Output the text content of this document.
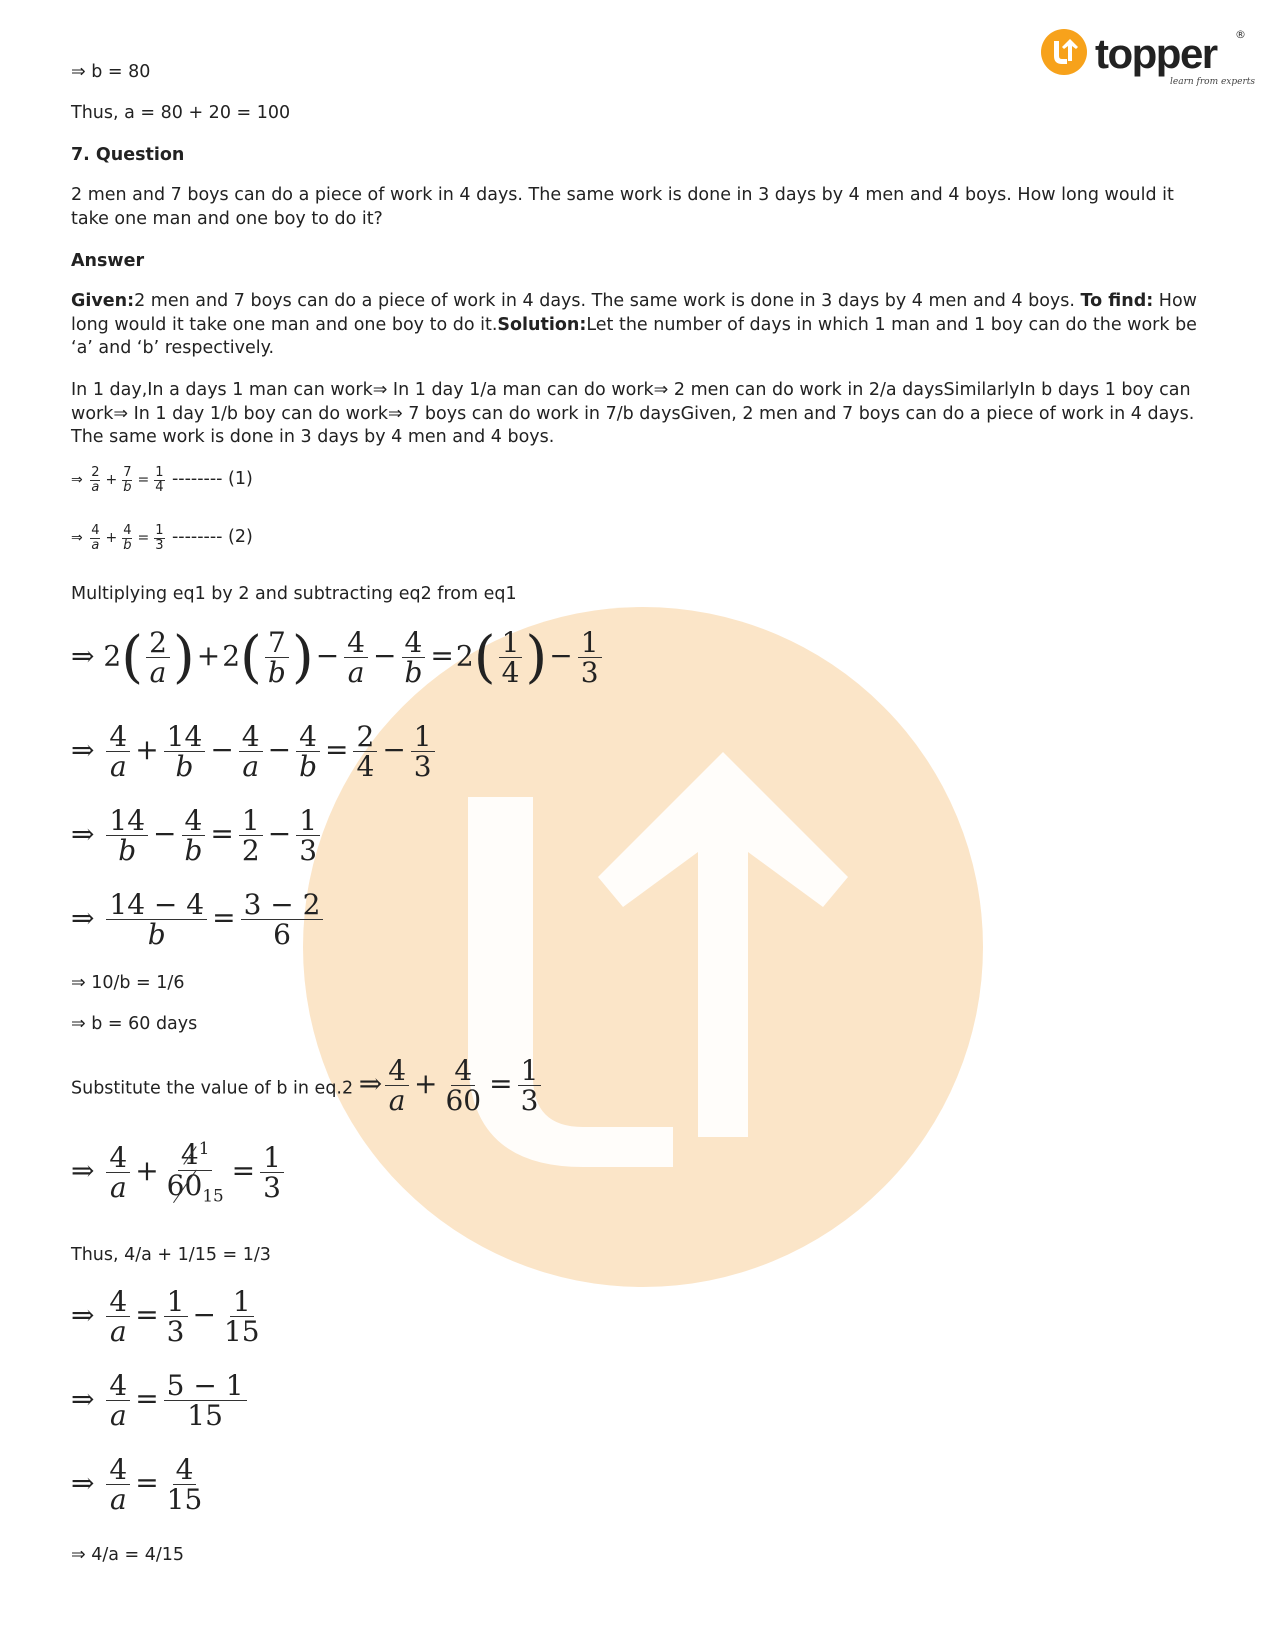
topper
learn from experts
®
⇒ b = 80
Thus, a = 80 + 20 = 100
7. Question
2 men and 7 boys can do a piece of work in 4 days. The same work is done in 3 days by 4 men and 4 boys. How long would it take one man and one boy to do it?
Answer
Given:2 men and 7 boys can do a piece of work in 4 days. The same work is done in 3 days by 4 men and 4 boys. To find: How long would it take one man and one boy to do it.Solution:Let the number of days in which 1 man and 1 boy can do the work be ‘a’ and ‘b’ respectively.
In 1 day,In a days 1 man can work⇒ In 1 day 1/a man can do work⇒ 2 men can do work in 2/a daysSimilarlyIn b days 1 boy can work⇒ In 1 day 1/b boy can do work⇒ 7 boys can do work in 7/b daysGiven, 2 men and 7 boys can do a piece of work in 4 days. The same work is done in 3 days by 4 men and 4 boys.
⇒ $\frac{2}{a} + \frac{7}{b} = \frac{1}{4}$ -------- (1)
⇒ $\frac{4}{a} + \frac{4}{b} = \frac{1}{3}$ -------- (2)
Multiplying eq1 by 2 and subtracting eq2 from eq1
⇒ $2( \frac{2}{a} )+2( \frac{7}{b}$ )− $\frac{4}{a} - \frac{4}{b} =2( \frac{1}{4}$ )− $\frac{1}{3}$
⇒ $\frac{4}{a} + \frac{14}{b} - \frac{4}{a} - \frac{4}{b} = \frac{2}{4} - \frac{1}{3}$
⇒ $\frac{14}{b} - \frac{4}{b} = \frac{1}{2} - \frac{1}{3}$
⇒ $\frac{14 - 4}{b} = \frac{3 - 2}{6}$
⇒ 10/b = 1/6
⇒ b = 60 days
Substitute the value of b in eq.2 ⇒ $\frac{4}{a} + \frac{4}{60} = \frac{1}{3}$
⇒ $\frac{4}{a} + \frac{4^1}{60_{15}} = \frac{1}{3}$
Thus, 4/a + 1/15 = 1/3
⇒ $\frac{4}{a} = \frac{1}{3} - \frac{1}{15}$
⇒ $\frac{4}{a} = \frac{5 - 1}{15}$
⇒ $\frac{4}{a} = \frac{4}{15}$
⇒ 4/a = 4/15
